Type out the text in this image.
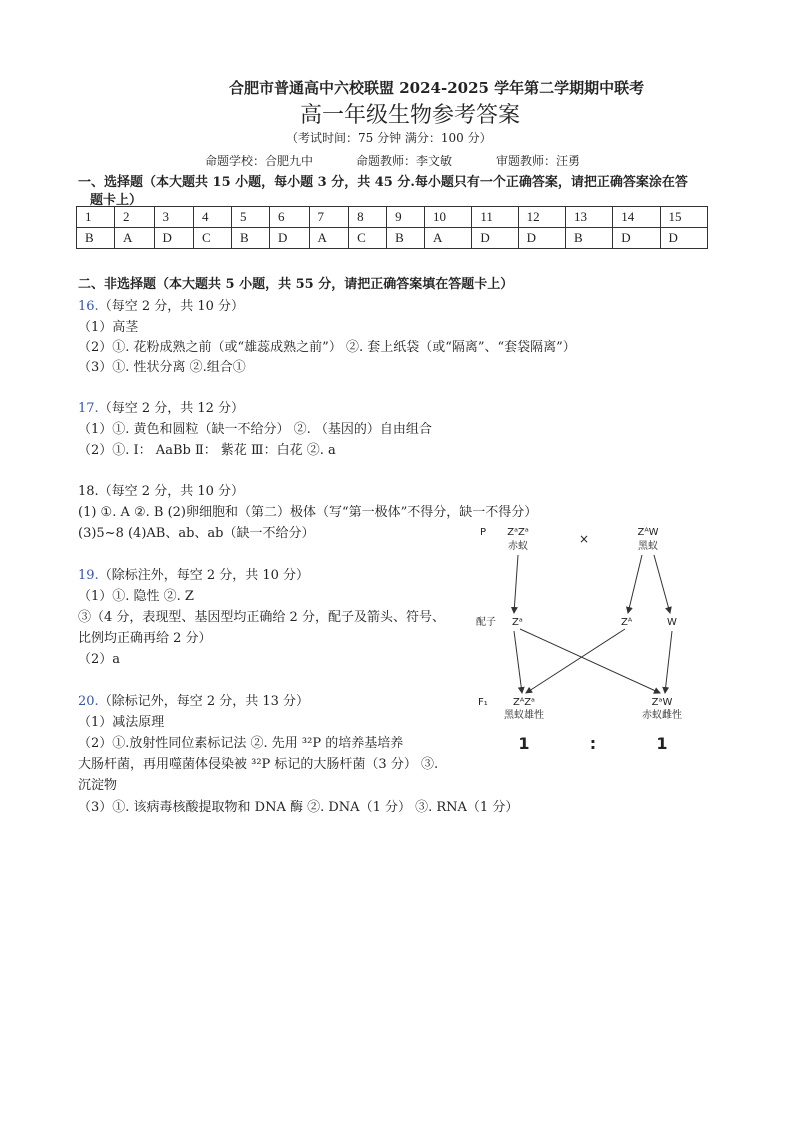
合肥市普通高中六校联盟 2024-2025 学年第二学期期中联考
高一年级生物参考答案
（考试时间：75 分钟 满分：100 分）
命题学校：合肥九中	命题教师：李文敏	审题教师：汪勇
一、选择题（本大题共 15 小题，每小题 3 分，共 45 分.每小题只有一个正确答案，请把正确答案涂在答
题卡上）
1	2	3	4	5	6	7	8	9	10	11	12	13	14	15
B	A	D	C	B	D	A	C	B	A	D	D	B	D	D
二、非选择题（本大题共 5 小题，共 55 分，请把正确答案填在答题卡上）
16.（每空 2 分，共 10 分）
（1）高茎
（2）①. 花粉成熟之前（或“雄蕊成熟之前”） ②. 套上纸袋（或“隔离”、“套袋隔离”）
（3）①. 性状分离 ②.组合①
17.（每空 2 分，共 12 分）
（1）①. 黄色和圆粒（缺一不给分） ②. （基因的）自由组合
（2）①. Ⅰ： AaBb Ⅱ： 紫花 Ⅲ：白花 ②. a
18.（每空 2 分，共 10 分）
(1) ①. A ②. B (2)卵细胞和（第二）极体（写“第一极体”不得分，缺一不得分）
(3)5~8 (4)AB、ab、ab（缺一不给分）
19.（除标注外，每空 2 分，共 10 分）
（1）①. 隐性 ②. Z
③（4 分，表现型、基因型均正确给 2 分，配子及箭头、符号、
比例均正确再给 2 分）
（2）a
20.（除标记外，每空 2 分，共 13 分）
（1）减法原理
（2）①.放射性同位素标记法 ②. 先用 ³²P 的培养基培养
大肠杆菌，再用噬菌体侵染被 ³²P 标记的大肠杆菌（3 分） ③.
沉淀物
（3）①. 该病毒核酸提取物和 DNA 酶 ②. DNA（1 分） ③. RNA（1 分）
P ZᵃZᵃ
赤蚁
×	ZᴬW
黑蚁
配子 Zᵃ	Zᴬ	W
F₁	ZᴬZᵃ
黑蚁雄性
ZᵃW
赤蚁雌性
1	:	1
